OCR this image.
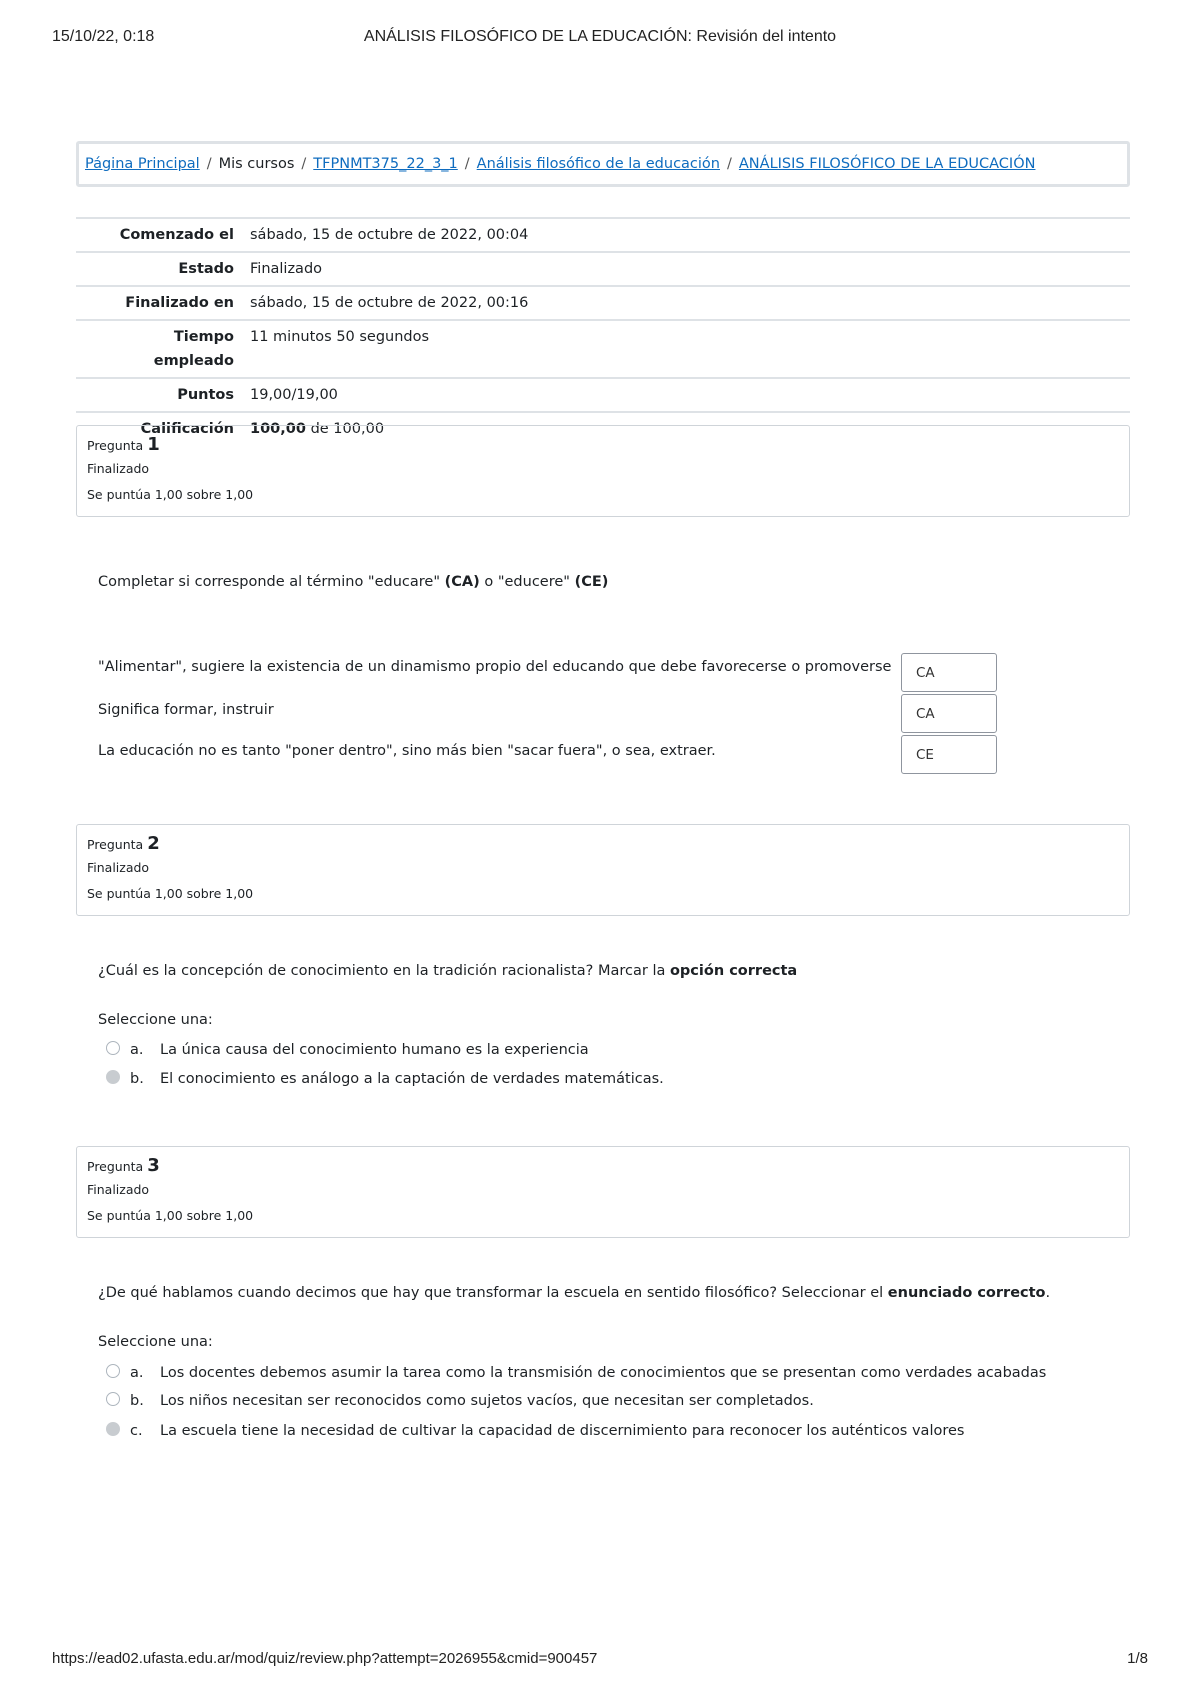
15/10/22, 0:18	ANÁLISIS FILOSÓFICO DE LA EDUCACIÓN: Revisión del intento
Página Principal / Mis cursos / TFPNMT375_22_3_1 / Análisis filosófico de la educación / ANÁLISIS FILOSÓFICO DE LA EDUCACIÓN
Comenzado el	sábado, 15 de octubre de 2022, 00:04
Estado	Finalizado
Finalizado en	sábado, 15 de octubre de 2022, 00:16
Tiempo
empleado	11 minutos 50 segundos
Puntos	19,00/19,00
Calificación	100,00 de 100,00
Pregunta 1
Finalizado
Se puntúa 1,00 sobre 1,00
Completar si corresponde al término "educare" (CA) o "educere" (CE)
"Alimentar", sugiere la existencia de un dinamismo propio del educando que debe favorecerse o promoverse	CA
Significa formar, instruir	CA
La educación no es tanto "poner dentro", sino más bien "sacar fuera", o sea, extraer.	CE
Pregunta 2
Finalizado
Se puntúa 1,00 sobre 1,00
¿Cuál es la concepción de conocimiento en la tradición racionalista? Marcar la opción correcta
Seleccione una:
a. La única causa del conocimiento humano es la experiencia
b. El conocimiento es análogo a la captación de verdades matemáticas.
Pregunta 3
Finalizado
Se puntúa 1,00 sobre 1,00
¿De qué hablamos cuando decimos que hay que transformar la escuela en sentido filosófico? Seleccionar el enunciado correcto.
Seleccione una:
a. Los docentes debemos asumir la tarea como la transmisión de conocimientos que se presentan como verdades acabadas
b. Los niños necesitan ser reconocidos como sujetos vacíos, que necesitan ser completados.
c. La escuela tiene la necesidad de cultivar la capacidad de discernimiento para reconocer los auténticos valores
https://ead02.ufasta.edu.ar/mod/quiz/review.php?attempt=2026955&cmid=900457	1/8
